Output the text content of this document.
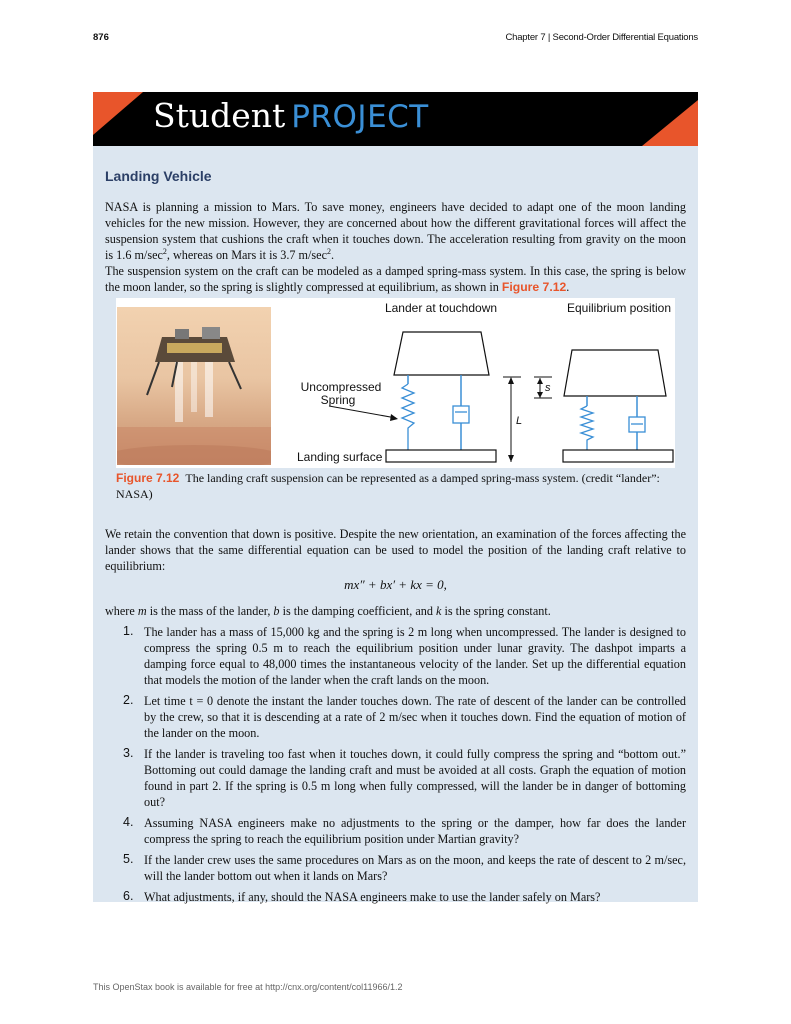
876	Chapter 7 | Second-Order Differential Equations
Student PROJECT
Landing Vehicle

NASA is planning a mission to Mars. To save money, engineers have decided to adapt one of the moon landing vehicles for the new mission. However, they are concerned about how the different gravitational forces will affect the suspension system that cushions the craft when it touches down. The acceleration resulting from gravity on the moon is 1.6 $m/\sec^2$, whereas on Mars it is 3.7 $m/\sec^2$.

The suspension system on the craft can be modeled as a damped spring-mass system. In this case, the spring is below the moon lander, so the spring is slightly compressed at equilibrium, as shown in Figure 7.12.

Lander at touchdown	Equilibrium position
Uncompressed
Spring
Landing surface
L
s
Figure 7.12 The landing craft suspension can be represented as a damped spring-mass system. (credit “lander”: NASA)

We retain the convention that down is positive. Despite the new orientation, an examination of the forces affecting the lander shows that the same differential equation can be used to model the position of the landing craft relative to equilibrium:

mx″ + bx′ + kx = 0,

where m is the mass of the lander, b is the damping coefficient, and k is the spring constant.

1. The lander has a mass of 15,000 kg and the spring is 2 m long when uncompressed. The lander is designed to compress the spring 0.5 m to reach the equilibrium position under lunar gravity. The dashpot imparts a damping force equal to 48,000 times the instantaneous velocity of the lander. Set up the differential equation that models the motion of the lander when the craft lands on the moon.
2. Let time t = 0 denote the instant the lander touches down. The rate of descent of the lander can be controlled by the crew, so that it is descending at a rate of 2 m/sec when it touches down. Find the equation of motion of the lander on the moon.
3. If the lander is traveling too fast when it touches down, it could fully compress the spring and “bottom out.” Bottoming out could damage the landing craft and must be avoided at all costs. Graph the equation of motion found in part 2. If the spring is 0.5 m long when fully compressed, will the lander be in danger of bottoming out?
4. Assuming NASA engineers make no adjustments to the spring or the damper, how far does the lander compress the spring to reach the equilibrium position under Martian gravity?
5. If the lander crew uses the same procedures on Mars as on the moon, and keeps the rate of descent to 2 m/sec, will the lander bottom out when it lands on Mars?
6. What adjustments, if any, should the NASA engineers make to use the lander safely on Mars?
This OpenStax book is available for free at http://cnx.org/content/col11966/1.2
